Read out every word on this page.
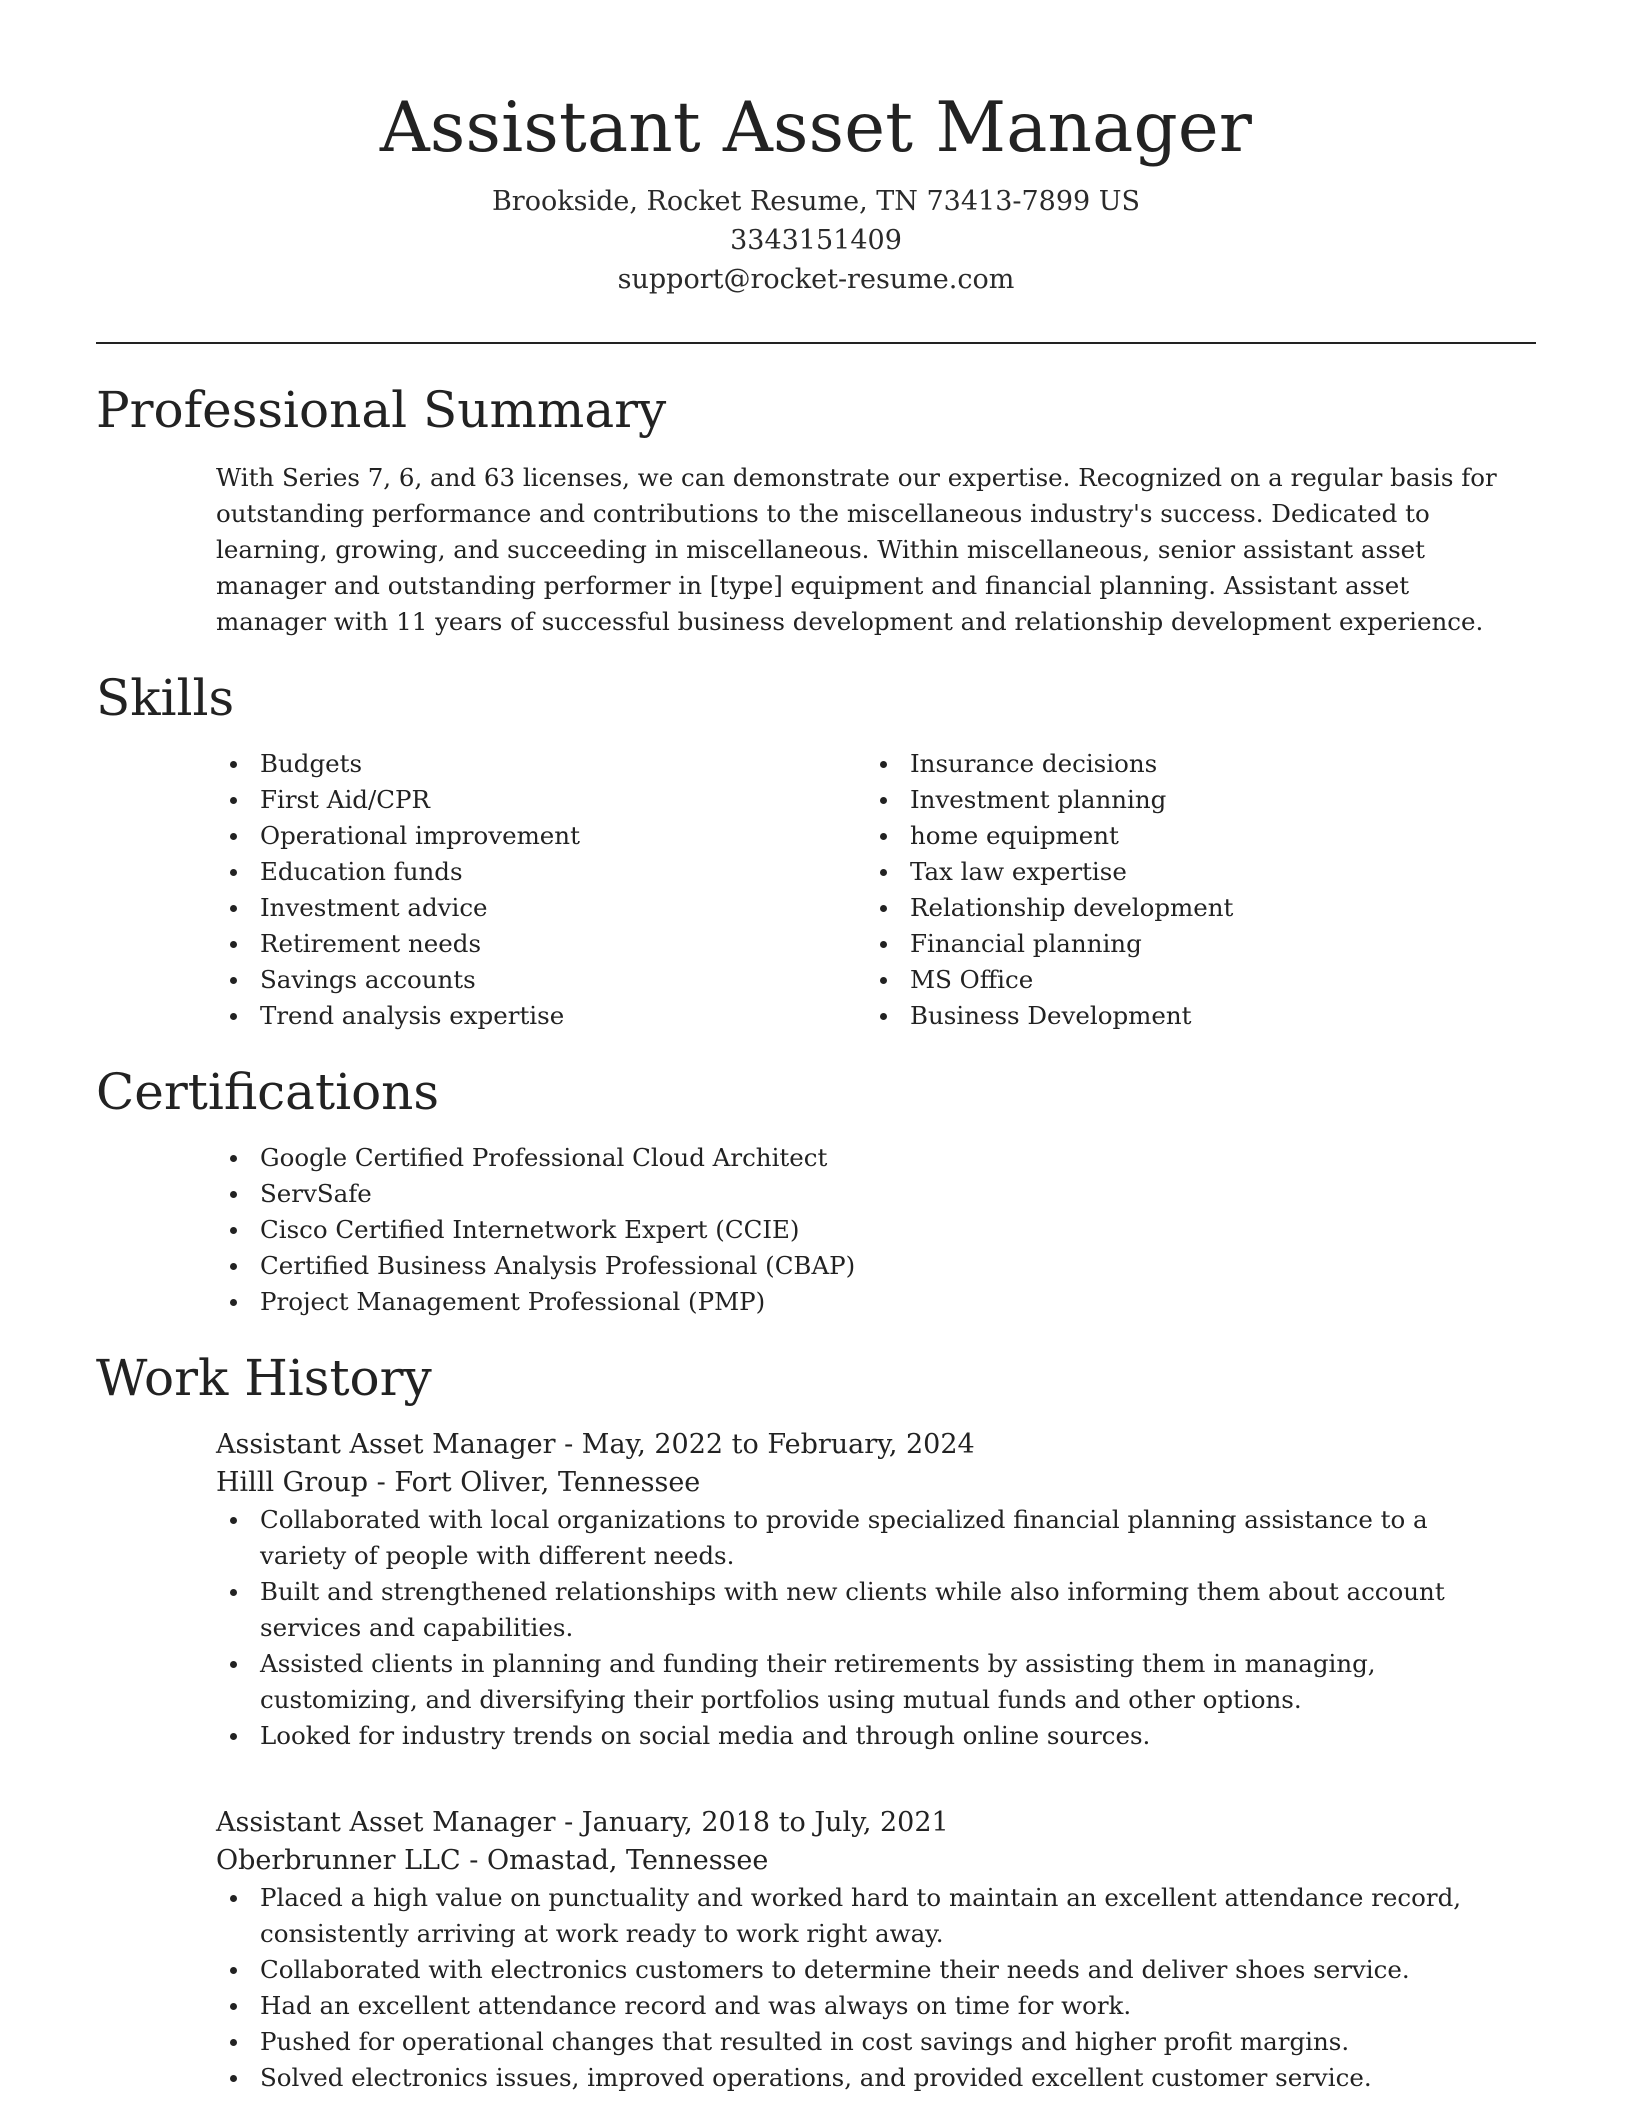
Assistant Asset Manager
Brookside, Rocket Resume, TN 73413-7899 US
3343151409
support@rocket-resume.com
Professional Summary
With Series 7, 6, and 63 licenses, we can demonstrate our expertise. Recognized on a regular basis for outstanding performance and contributions to the miscellaneous industry's success. Dedicated to learning, growing, and succeeding in miscellaneous. Within miscellaneous, senior assistant asset manager and outstanding performer in [type] equipment and financial planning. Assistant asset manager with 11 years of successful business development and relationship development experience.
Skills
Budgets
First Aid/CPR
Operational improvement
Education funds
Investment advice
Retirement needs
Savings accounts
Trend analysis expertise
Insurance decisions
Investment planning
home equipment
Tax law expertise
Relationship development
Financial planning
MS Office
Business Development
Certifications
Google Certified Professional Cloud Architect
ServSafe
Cisco Certified Internetwork Expert (CCIE)
Certified Business Analysis Professional (CBAP)
Project Management Professional (PMP)
Work History
Assistant Asset Manager - May, 2022 to February, 2024
Hilll Group - Fort Oliver, Tennessee
Collaborated with local organizations to provide specialized financial planning assistance to a variety of people with different needs.
Built and strengthened relationships with new clients while also informing them about account services and capabilities.
Assisted clients in planning and funding their retirements by assisting them in managing, customizing, and diversifying their portfolios using mutual funds and other options.
Looked for industry trends on social media and through online sources.
Assistant Asset Manager - January, 2018 to July, 2021
Oberbrunner LLC - Omastad, Tennessee
Placed a high value on punctuality and worked hard to maintain an excellent attendance record, consistently arriving at work ready to work right away.
Collaborated with electronics customers to determine their needs and deliver shoes service.
Had an excellent attendance record and was always on time for work.
Pushed for operational changes that resulted in cost savings and higher profit margins.
Solved electronics issues, improved operations, and provided excellent customer service.
